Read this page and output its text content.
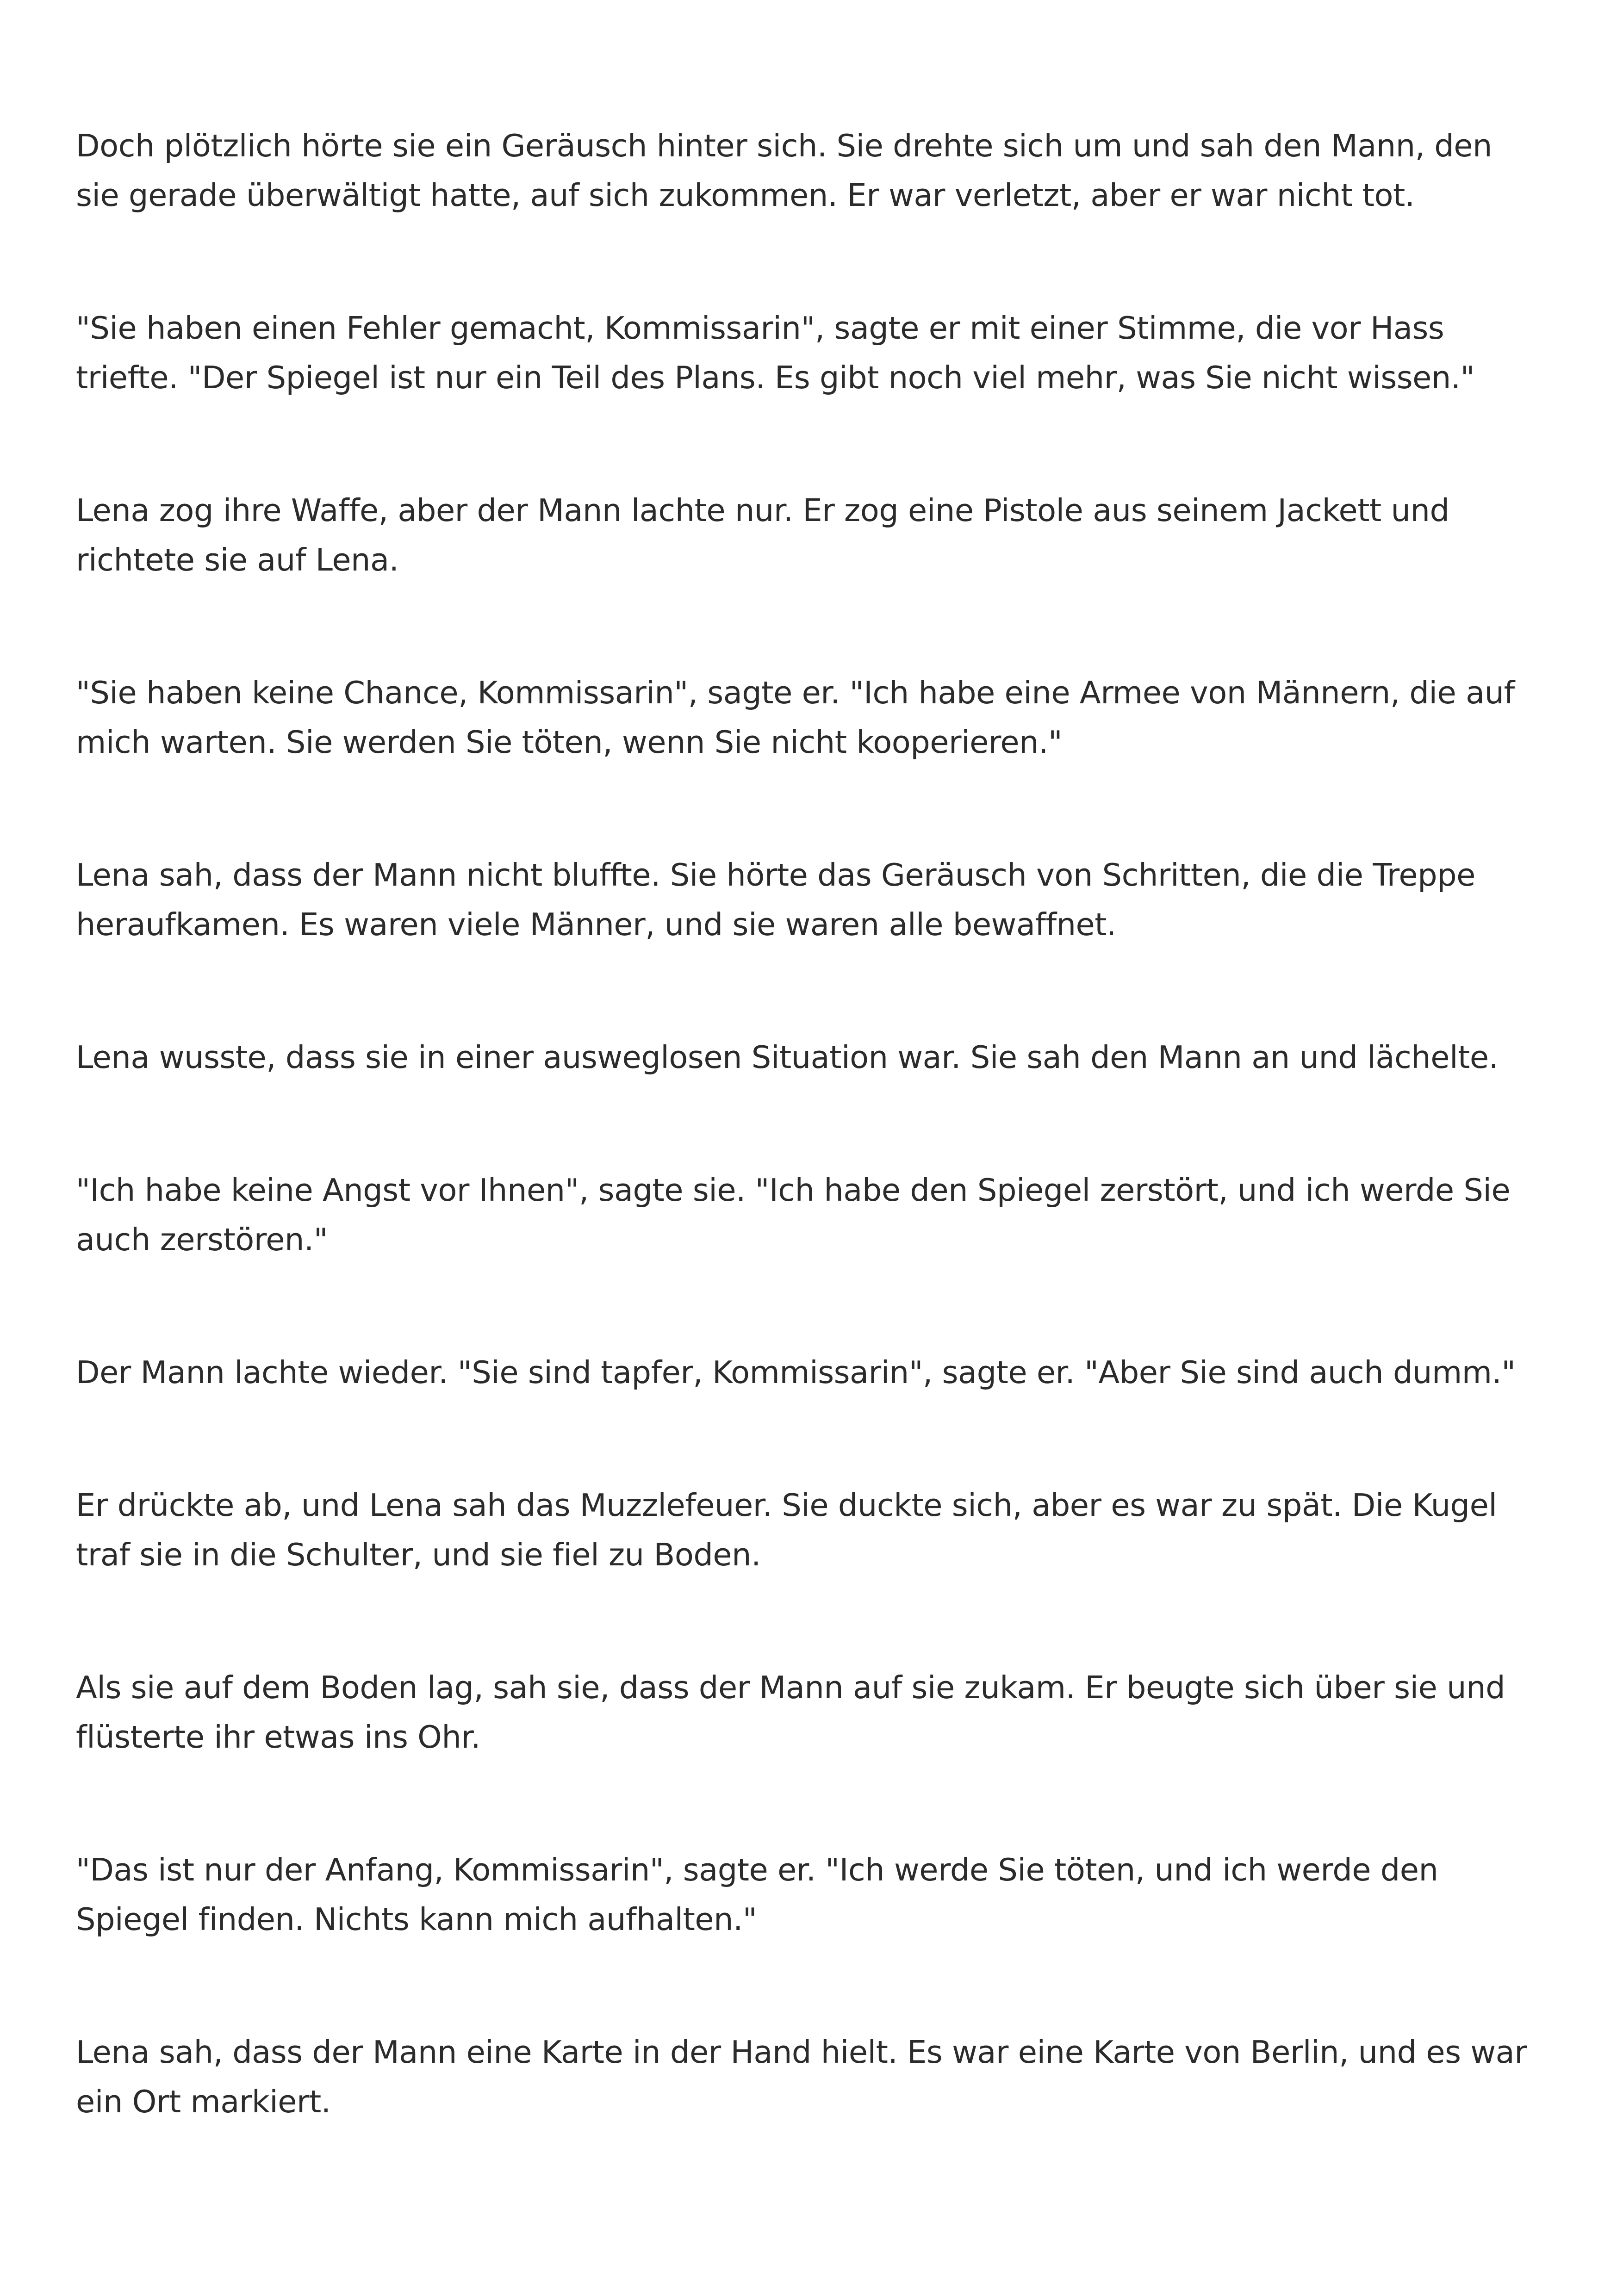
Doch plötzlich hörte sie ein Geräusch hinter sich. Sie drehte sich um und sah den Mann, den
sie gerade überwältigt hatte, auf sich zukommen. Er war verletzt, aber er war nicht tot.

"Sie haben einen Fehler gemacht, Kommissarin", sagte er mit einer Stimme, die vor Hass
triefte. "Der Spiegel ist nur ein Teil des Plans. Es gibt noch viel mehr, was Sie nicht wissen."

Lena zog ihre Waffe, aber der Mann lachte nur. Er zog eine Pistole aus seinem Jackett und
richtete sie auf Lena.

"Sie haben keine Chance, Kommissarin", sagte er. "Ich habe eine Armee von Männern, die auf
mich warten. Sie werden Sie töten, wenn Sie nicht kooperieren."

Lena sah, dass der Mann nicht bluffte. Sie hörte das Geräusch von Schritten, die die Treppe
heraufkamen. Es waren viele Männer, und sie waren alle bewaffnet.

Lena wusste, dass sie in einer ausweglosen Situation war. Sie sah den Mann an und lächelte.

"Ich habe keine Angst vor Ihnen", sagte sie. "Ich habe den Spiegel zerstört, und ich werde Sie
auch zerstören."

Der Mann lachte wieder. "Sie sind tapfer, Kommissarin", sagte er. "Aber Sie sind auch dumm."

Er drückte ab, und Lena sah das Muzzlefeuer. Sie duckte sich, aber es war zu spät. Die Kugel
traf sie in die Schulter, und sie fiel zu Boden.

Als sie auf dem Boden lag, sah sie, dass der Mann auf sie zukam. Er beugte sich über sie und
flüsterte ihr etwas ins Ohr.

"Das ist nur der Anfang, Kommissarin", sagte er. "Ich werde Sie töten, und ich werde den
Spiegel finden. Nichts kann mich aufhalten."

Lena sah, dass der Mann eine Karte in der Hand hielt. Es war eine Karte von Berlin, und es war
ein Ort markiert.
